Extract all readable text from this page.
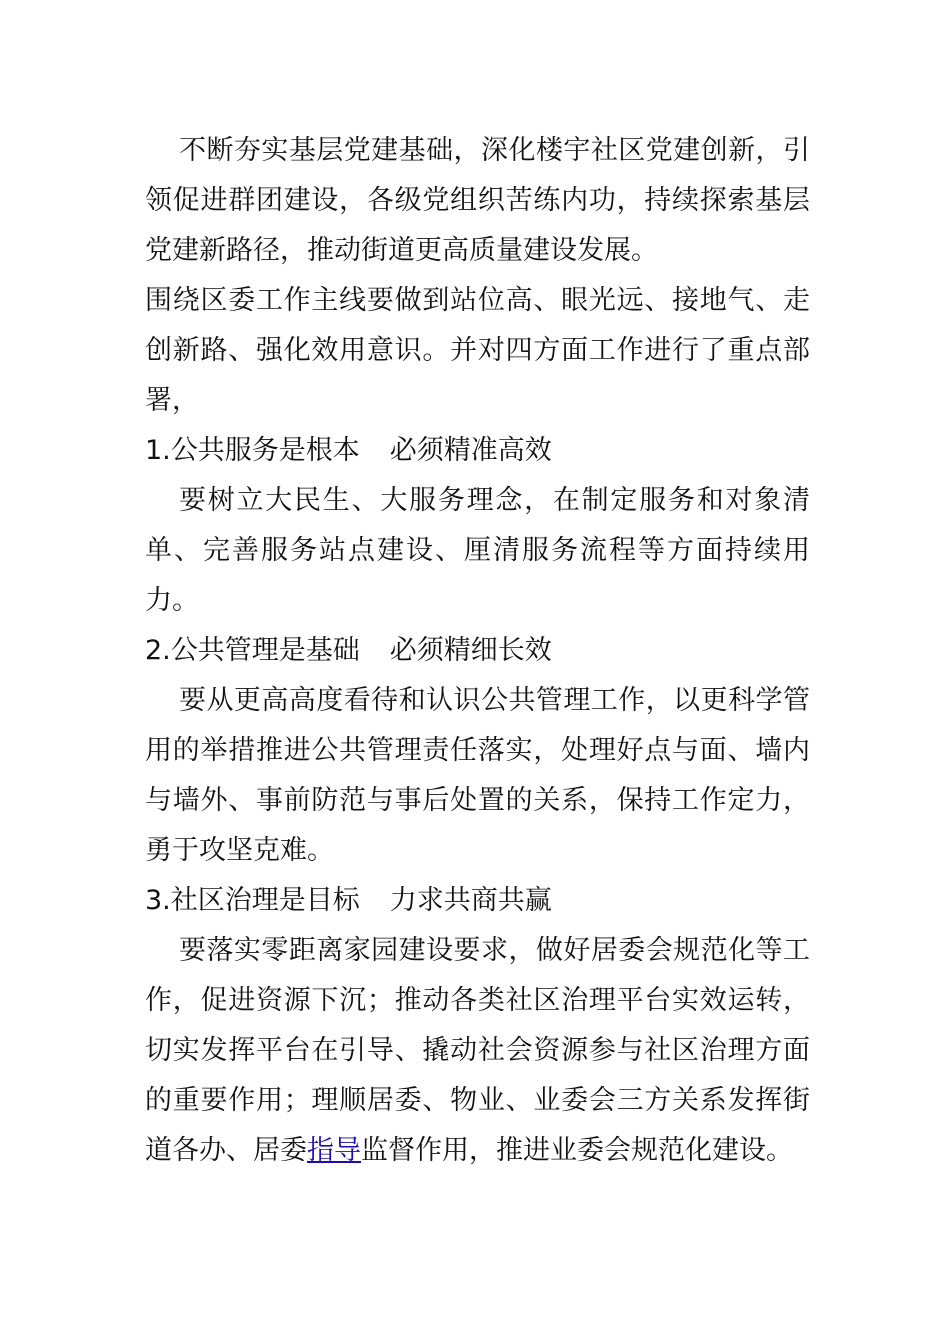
不断夯实基层党建基础，深化楼宇社区党建创新，引领促进群团建设，各级党组织苦练内功，持续探索基层党建新路径，推动街道更高质量建设发展。

围绕区委工作主线要做到站位高、眼光远、接地气、走创新路、强化效用意识。并对四方面工作进行了重点部署，

1.公共服务是根本 必须精准高效

要树立大民生、大服务理念，在制定服务和对象清单、完善服务站点建设、厘清服务流程等方面持续用力。

2.公共管理是基础 必须精细长效

要从更高高度看待和认识公共管理工作，以更科学管用的举措推进公共管理责任落实，处理好点与面、墙内与墙外、事前防范与事后处置的关系，保持工作定力，勇于攻坚克难。

3.社区治理是目标 力求共商共赢

要落实零距离家园建设要求，做好居委会规范化等工作，促进资源下沉；推动各类社区治理平台实效运转，切实发挥平台在引导、撬动社会资源参与社区治理方面的重要作用；理顺居委、物业、业委会三方关系发挥街道各办、居委指导监督作用，推进业委会规范化建设。
